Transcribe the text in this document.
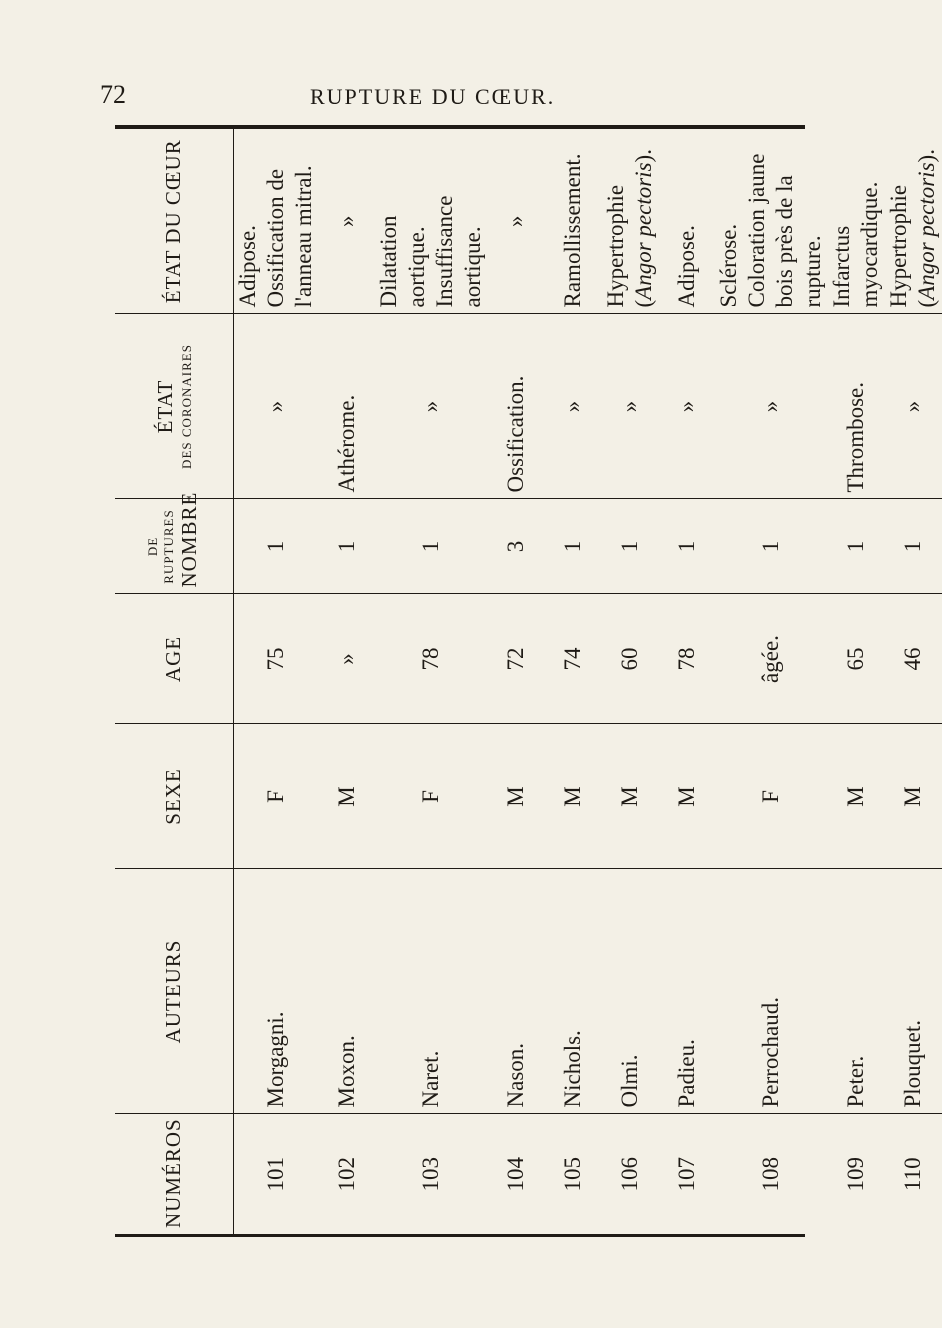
72	RUPTURE DU CŒUR.
NUMÉROS	AUTEURS	SEXE	AGE	DE RUPTURES NOMBRE	ÉTAT DES CORONAIRES	ÉTAT DU CŒUR
101	Morgagni.	F	75	1	»	Adipose. Ossification de l'anneau mitral.
102	Moxon.	M	»	1	Athérome.	»
103	Naret.	F	78	1	»	Dilatation aortique. Insuffisance aortique.
104	Nason.	M	72	3	Ossification.	»
105	Nichols.	M	74	1	»	Ramollissement.
106	Olmi.	M	60	1	»	Hypertrophie (Angor pectoris).
107	Padieu.	M	78	1	»	Adipose.
108	Perrochaud.	F	âgée.	1	»	Sclérose. Coloration jaune bois près de la rupture.
109	Peter.	M	65	1	Thrombose.	Infarctus myocardique.
110	Plouquet.	M	46	1	»	Hypertrophie (Angor pectoris).
